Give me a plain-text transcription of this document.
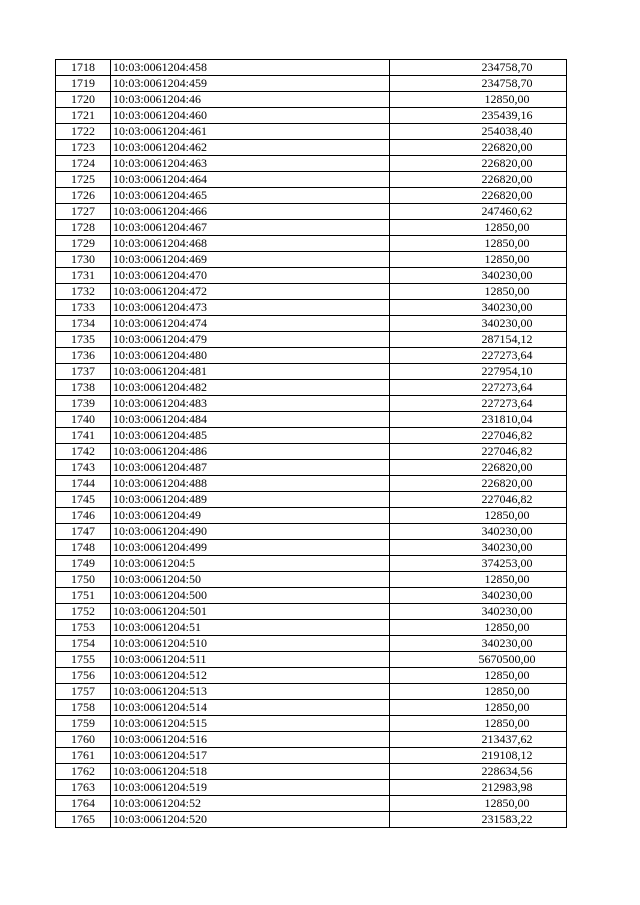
1718	10:03:0061204:458	234758,70
1719	10:03:0061204:459	234758,70
1720	10:03:0061204:46	12850,00
1721	10:03:0061204:460	235439,16
1722	10:03:0061204:461	254038,40
1723	10:03:0061204:462	226820,00
1724	10:03:0061204:463	226820,00
1725	10:03:0061204:464	226820,00
1726	10:03:0061204:465	226820,00
1727	10:03:0061204:466	247460,62
1728	10:03:0061204:467	12850,00
1729	10:03:0061204:468	12850,00
1730	10:03:0061204:469	12850,00
1731	10:03:0061204:470	340230,00
1732	10:03:0061204:472	12850,00
1733	10:03:0061204:473	340230,00
1734	10:03:0061204:474	340230,00
1735	10:03:0061204:479	287154,12
1736	10:03:0061204:480	227273,64
1737	10:03:0061204:481	227954,10
1738	10:03:0061204:482	227273,64
1739	10:03:0061204:483	227273,64
1740	10:03:0061204:484	231810,04
1741	10:03:0061204:485	227046,82
1742	10:03:0061204:486	227046,82
1743	10:03:0061204:487	226820,00
1744	10:03:0061204:488	226820,00
1745	10:03:0061204:489	227046,82
1746	10:03:0061204:49	12850,00
1747	10:03:0061204:490	340230,00
1748	10:03:0061204:499	340230,00
1749	10:03:0061204:5	374253,00
1750	10:03:0061204:50	12850,00
1751	10:03:0061204:500	340230,00
1752	10:03:0061204:501	340230,00
1753	10:03:0061204:51	12850,00
1754	10:03:0061204:510	340230,00
1755	10:03:0061204:511	5670500,00
1756	10:03:0061204:512	12850,00
1757	10:03:0061204:513	12850,00
1758	10:03:0061204:514	12850,00
1759	10:03:0061204:515	12850,00
1760	10:03:0061204:516	213437,62
1761	10:03:0061204:517	219108,12
1762	10:03:0061204:518	228634,56
1763	10:03:0061204:519	212983,98
1764	10:03:0061204:52	12850,00
1765	10:03:0061204:520	231583,22
